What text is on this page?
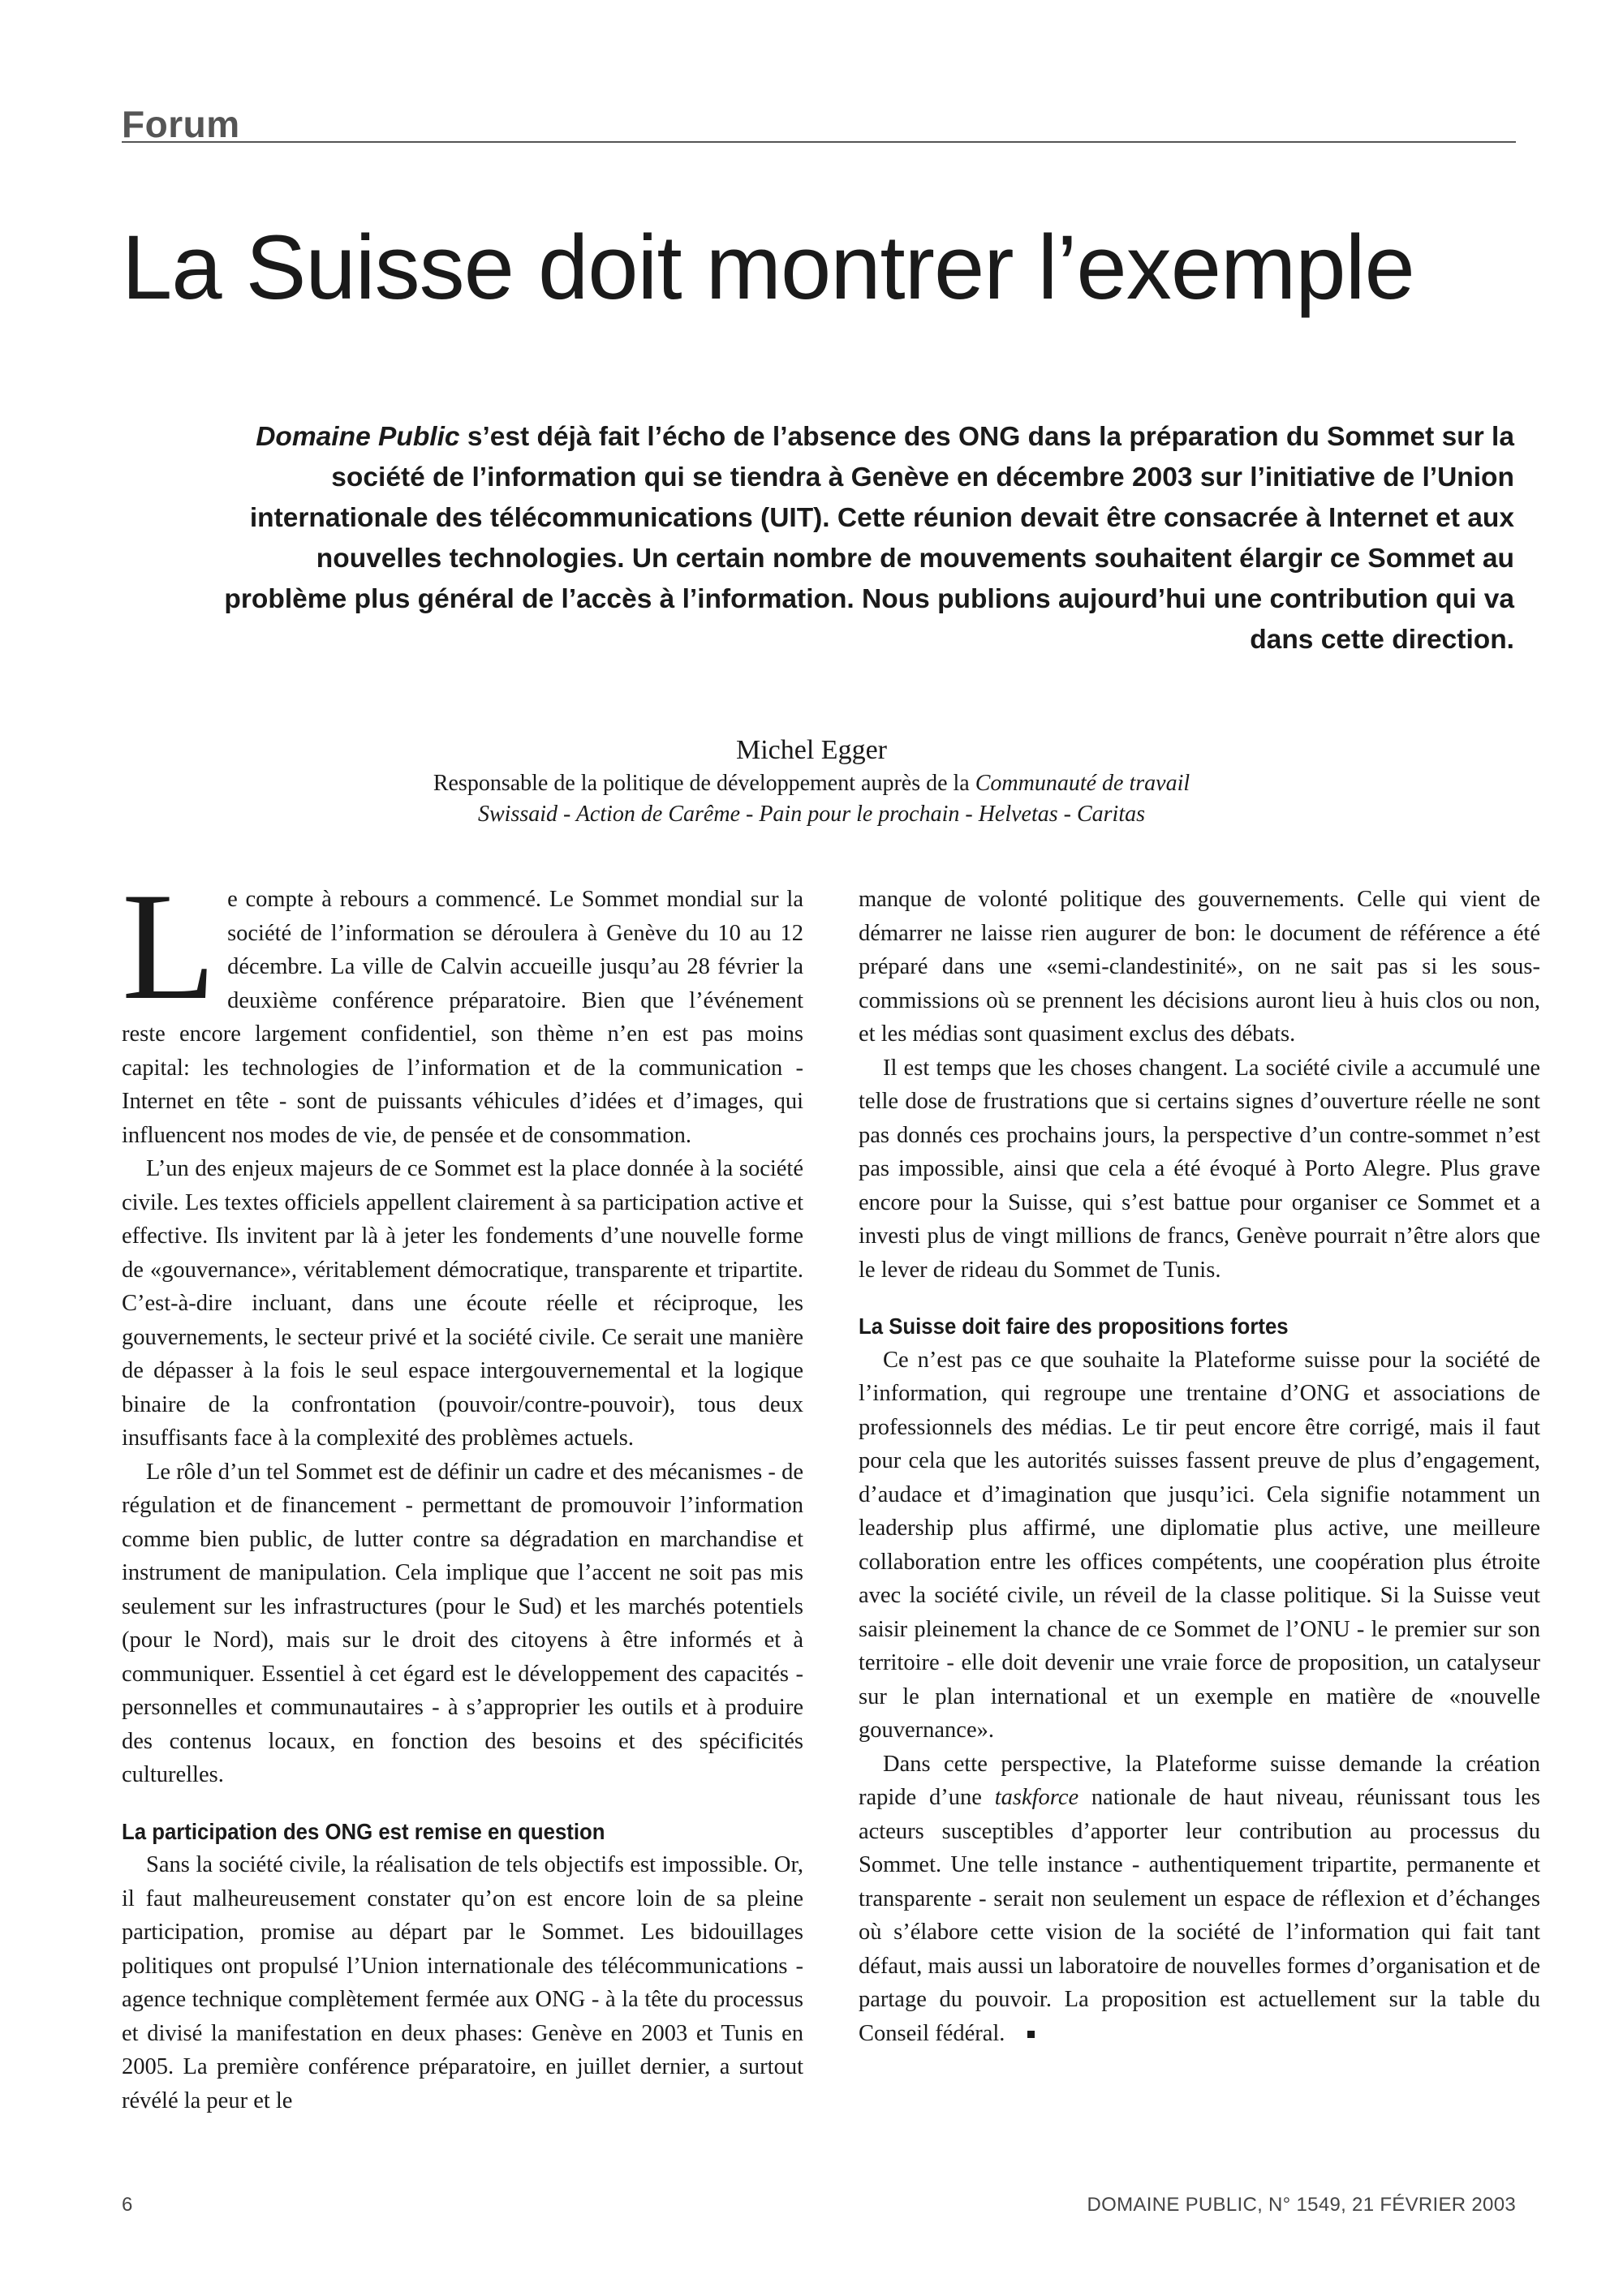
Forum
La Suisse doit montrer l’exemple

Domaine Public s’est déjà fait l’écho de l’absence des ONG dans la préparation du Sommet sur la société de l’information qui se tiendra à Genève en décembre 2003 sur l’initiative de l’Union internationale des télécommunications (UIT). Cette réunion devait être consacrée à Internet et aux nouvelles technologies. Un certain nombre de mouvements souhaitent élargir ce Sommet au problème plus général de l’accès à l’information. Nous publions aujourd’hui une contribution qui va dans cette direction.

Michel Egger
Responsable de la politique de développement auprès de la Communauté de travail
Swissaid - Action de Carême - Pain pour le prochain - Helvetas - Caritas

Le compte à rebours a commencé. Le Sommet mondial sur la société de l’information se déroulera à Genève du 10 au 12 décembre. La ville de Calvin accueille jusqu’au 28 février la deuxième conférence préparatoire. Bien que l’événement reste encore largement confidentiel, son thème n’en est pas moins capital: les technologies de l’information et de la communication - Internet en tête - sont de puissants véhicules d’idées et d’images, qui influencent nos modes de vie, de pensée et de consommation.

L’un des enjeux majeurs de ce Sommet est la place donnée à la société civile. Les textes officiels appellent clairement à sa participation active et effective. Ils invitent par là à jeter les fondements d’une nouvelle forme de «gouvernance», véritablement démocratique, transparente et tripartite. C’est-à-dire incluant, dans une écoute réelle et réciproque, les gouvernements, le secteur privé et la société civile. Ce serait une manière de dépasser à la fois le seul espace intergouvernemental et la logique binaire de la confrontation (pouvoir/contre-pouvoir), tous deux insuffisants face à la complexité des problèmes actuels.

Le rôle d’un tel Sommet est de définir un cadre et des mécanismes - de régulation et de financement - permettant de promouvoir l’information comme bien public, de lutter contre sa dégradation en marchandise et instrument de manipulation. Cela implique que l’accent ne soit pas mis seulement sur les infrastructures (pour le Sud) et les marchés potentiels (pour le Nord), mais sur le droit des citoyens à être informés et à communiquer. Essentiel à cet égard est le développement des capacités - personnelles et communautaires - à s’approprier les outils et à produire des contenus locaux, en fonction des besoins et des spécificités culturelles.

La participation des ONG est remise en question

Sans la société civile, la réalisation de tels objectifs est impossible. Or, il faut malheureusement constater qu’on est encore loin de sa pleine participation, promise au départ par le Sommet. Les bidouillages politiques ont propulsé l’Union internationale des télécommunications - agence technique complètement fermée aux ONG - à la tête du processus et divisé la manifestation en deux phases: Genève en 2003 et Tunis en 2005. La première conférence préparatoire, en juillet dernier, a surtout révélé la peur et le

manque de volonté politique des gouvernements. Celle qui vient de démarrer ne laisse rien augurer de bon: le document de référence a été préparé dans une «semi-clandestinité», on ne sait pas si les sous-commissions où se prennent les décisions auront lieu à huis clos ou non, et les médias sont quasiment exclus des débats.

Il est temps que les choses changent. La société civile a accumulé une telle dose de frustrations que si certains signes d’ouverture réelle ne sont pas donnés ces prochains jours, la perspective d’un contre-sommet n’est pas impossible, ainsi que cela a été évoqué à Porto Alegre. Plus grave encore pour la Suisse, qui s’est battue pour organiser ce Sommet et a investi plus de vingt millions de francs, Genève pourrait n’être alors que le lever de rideau du Sommet de Tunis.

La Suisse doit faire des propositions fortes

Ce n’est pas ce que souhaite la Plateforme suisse pour la société de l’information, qui regroupe une trentaine d’ONG et associations de professionnels des médias. Le tir peut encore être corrigé, mais il faut pour cela que les autorités suisses fassent preuve de plus d’engagement, d’audace et d’imagination que jusqu’ici. Cela signifie notamment un leadership plus affirmé, une diplomatie plus active, une meilleure collaboration entre les offices compétents, une coopération plus étroite avec la société civile, un réveil de la classe politique. Si la Suisse veut saisir pleinement la chance de ce Sommet de l’ONU - le premier sur son territoire - elle doit devenir une vraie force de proposition, un catalyseur sur le plan international et un exemple en matière de «nouvelle gouvernance».

Dans cette perspective, la Plateforme suisse demande la création rapide d’une taskforce nationale de haut niveau, réunissant tous les acteurs susceptibles d’apporter leur contribution au processus du Sommet. Une telle instance - authentiquement tripartite, permanente et transparente - serait non seulement un espace de réflexion et d’échanges où s’élabore cette vision de la société de l’information qui fait tant défaut, mais aussi un laboratoire de nouvelles formes d’organisation et de partage du pouvoir. La proposition est actuellement sur la table du Conseil fédéral.

6	DOMAINE PUBLIC, N° 1549, 21 FÉVRIER 2003
